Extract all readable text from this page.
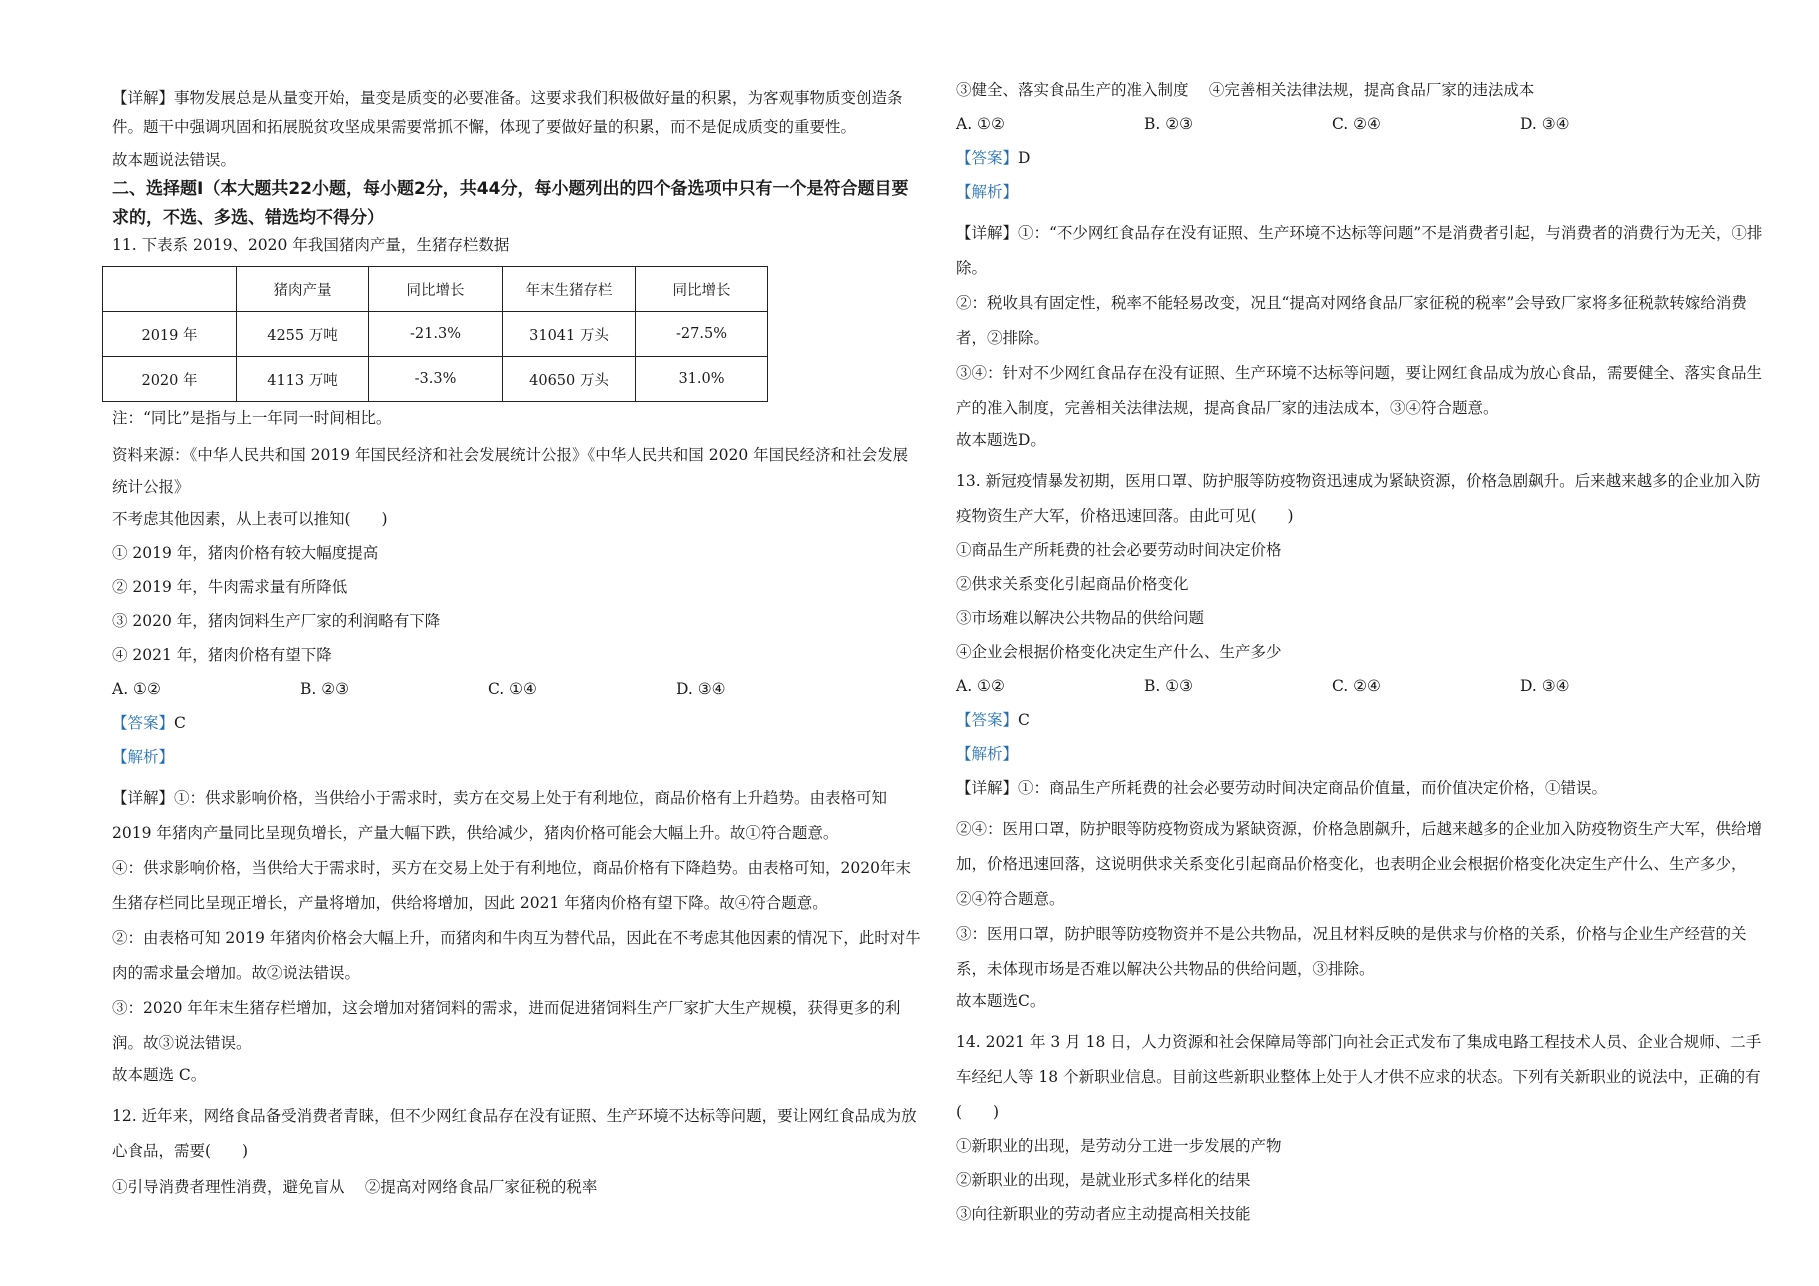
【详解】事物发展总是从量变开始，量变是质变的必要准备。这要求我们积极做好量的积累，为客观事物质变创造条

件。题干中强调巩固和拓展脱贫攻坚成果需要常抓不懈，体现了要做好量的积累，而不是促成质变的重要性。

故本题说法错误。

二、选择题Ⅰ（本大题共22小题，每小题2分，共44分，每小题列出的四个备选项中只有一个是符合题目要求的，不选、多选、错选均不得分）

11. 下表系 2019、2020 年我国猪肉产量，生猪存栏数据

	猪肉产量	同比增长	年末生猪存栏	同比增长
2019 年	4255 万吨	-21.3%	31041 万头	-27.5%
2020 年	4113 万吨	-3.3%	40650 万头	31.0%

注：“同比”是指与上一年同一时间相比。

资料来源：《中华人民共和国 2019 年国民经济和社会发展统计公报》《中华人民共和国 2020 年国民经济和社会发展统计公报》

不考虑其他因素，从上表可以推知(　　)

① 2019 年，猪肉价格有较大幅度提高

② 2019 年，牛肉需求量有所降低

③ 2020 年，猪肉饲料生产厂家的利润略有下降

④ 2021 年，猪肉价格有望下降

A. ①②	B. ②③	C. ①④	D. ③④

【答案】C

【解析】

【详解】①：供求影响价格，当供给小于需求时，卖方在交易上处于有利地位，商品价格有上升趋势。由表格可知2019 年猪肉产量同比呈现负增长，产量大幅下跌，供给减少，猪肉价格可能会大幅上升。故①符合题意。

④：供求影响价格，当供给大于需求时，买方在交易上处于有利地位，商品价格有下降趋势。由表格可知，2020年末生猪存栏同比呈现正增长，产量将增加，供给将增加，因此 2021 年猪肉价格有望下降。故④符合题意。

②：由表格可知 2019 年猪肉价格会大幅上升，而猪肉和牛肉互为替代品，因此在不考虑其他因素的情况下，此时对牛肉的需求量会增加。故②说法错误。

③：2020 年年末生猪存栏增加，这会增加对猪饲料的需求，进而促进猪饲料生产厂家扩大生产规模，获得更多的利润。故③说法错误。

故本题选 C。

12. 近年来，网络食品备受消费者青睐，但不少网红食品存在没有证照、生产环境不达标等问题，要让网红食品成为放心食品，需要(　　)

①引导消费者理性消费，避免盲从　 ②提高对网络食品厂家征税的税率

③健全、落实食品生产的准入制度　 ④完善相关法律法规，提高食品厂家的违法成本

A. ①②	B. ②③	C. ②④	D. ③④

【答案】D

【解析】

【详解】①：“不少网红食品存在没有证照、生产环境不达标等问题”不是消费者引起，与消费者的消费行为无关，①排除。

②：税收具有固定性，税率不能轻易改变，况且“提高对网络食品厂家征税的税率”会导致厂家将多征税款转嫁给消费者，②排除。

③④：针对不少网红食品存在没有证照、生产环境不达标等问题，要让网红食品成为放心食品，需要健全、落实食品生产的准入制度，完善相关法律法规，提高食品厂家的违法成本，③④符合题意。

故本题选D。

13. 新冠疫情暴发初期，医用口罩、防护服等防疫物资迅速成为紧缺资源，价格急剧飙升。后来越来越多的企业加入防疫物资生产大军，价格迅速回落。由此可见(　　)

①商品生产所耗费的社会必要劳动时间决定价格

②供求关系变化引起商品价格变化

③市场难以解决公共物品的供给问题

④企业会根据价格变化决定生产什么、生产多少

A. ①②	B. ①③	C. ②④	D. ③④

【答案】C

【解析】

【详解】①：商品生产所耗费的社会必要劳动时间决定商品价值量，而价值决定价格，①错误。

②④：医用口罩，防护眼等防疫物资成为紧缺资源，价格急剧飙升，后越来越多的企业加入防疫物资生产大军，供给增加，价格迅速回落，这说明供求关系变化引起商品价格变化，也表明企业会根据价格变化决定生产什么、生产多少，②④符合题意。

③：医用口罩，防护眼等防疫物资并不是公共物品，况且材料反映的是供求与价格的关系，价格与企业生产经营的关系，未体现市场是否难以解决公共物品的供给问题，③排除。

故本题选C。

14. 2021 年 3 月 18 日，人力资源和社会保障局等部门向社会正式发布了集成电路工程技术人员、企业合规师、二手车经纪人等 18 个新职业信息。目前这些新职业整体上处于人才供不应求的状态。下列有关新职业的说法中，正确的有(　　)

①新职业的出现，是劳动分工进一步发展的产物

②新职业的出现，是就业形式多样化的结果

③向往新职业的劳动者应主动提高相关技能
